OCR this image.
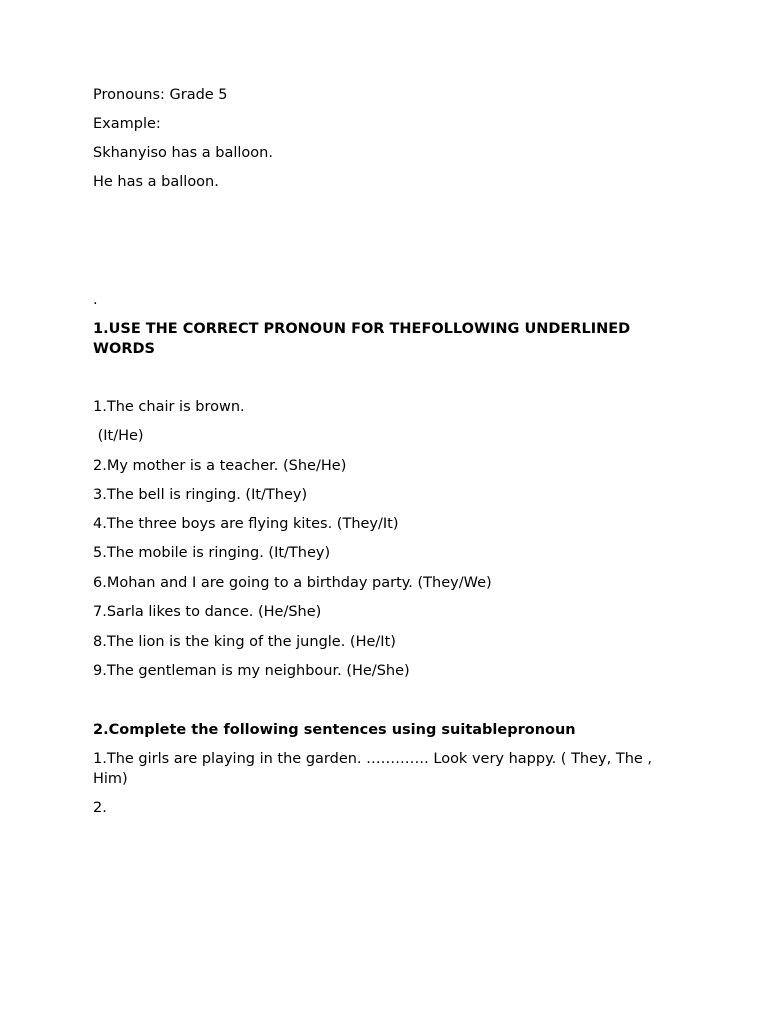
Pronouns: Grade 5
Example:
Skhanyiso has a balloon.
He has a balloon.
.
1.USE THE CORRECT PRONOUN FOR THEFOLLOWING UNDERLINED WORDS
1.The chair is brown.
(It/He)
2.My mother is a teacher. (She/He)
3.The bell is ringing. (It/They)
4.The three boys are flying kites. (They/It)
5.The mobile is ringing. (It/They)
6.Mohan and I are going to a birthday party. (They/We)
7.Sarla likes to dance. (He/She)
8.The lion is the king of the jungle. (He/It)
9.The gentleman is my neighbour. (He/She)
2.Complete the following sentences using suitablepronoun
1.The girls are playing in the garden. …………. Look very happy. ( They, The , Him)
2.
